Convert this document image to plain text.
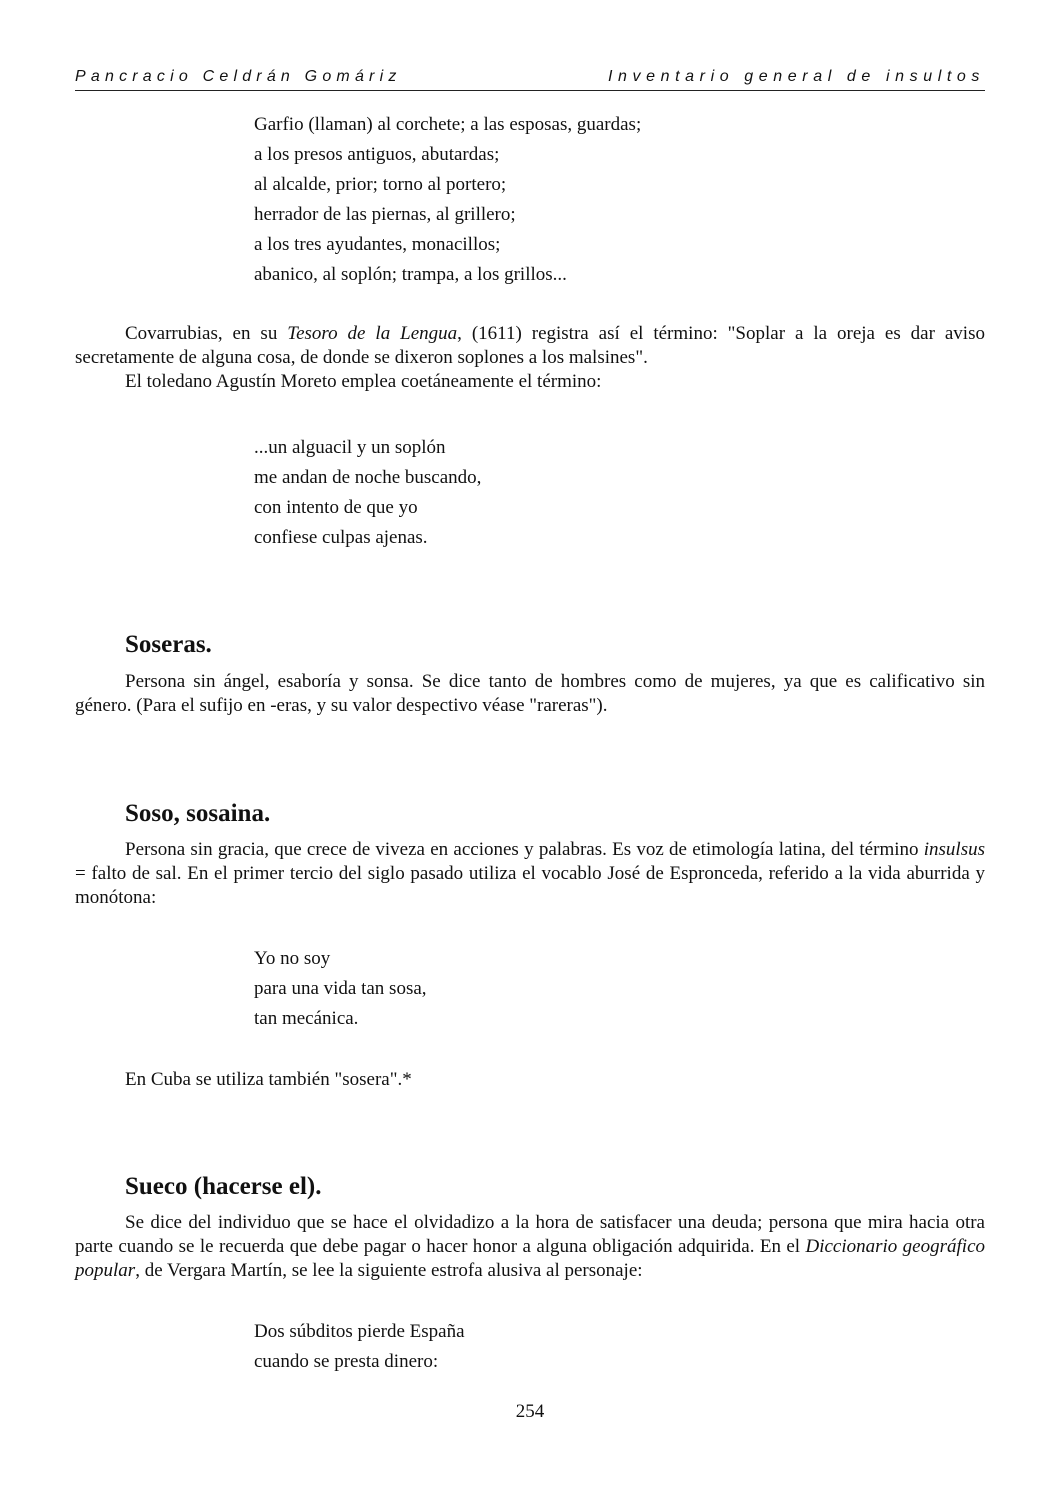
Pancracio Celdrán Gomáriz	Inventario general de insultos
Garfio (llaman) al corchete; a las esposas, guardas;
a los presos antiguos, abutardas;
al alcalde, prior; torno al portero;
herrador de las piernas, al grillero;
a los tres ayudantes, monacillos;
abanico, al soplón; trampa, a los grillos...

Covarrubias, en su Tesoro de la Lengua, (1611) registra así el término: "Soplar a la oreja es dar aviso secretamente de alguna cosa, de donde se dixeron soplones a los malsines".

El toledano Agustín Moreto emplea coetáneamente el término:

...un alguacil y un soplón
me andan de noche buscando,
con intento de que yo
confiese culpas ajenas.
Soseras.

Persona sin ángel, esaboría y sonsa. Se dice tanto de hombres como de mujeres, ya que es calificativo sin género. (Para el sufijo en -eras, y su valor despectivo véase "rareras").

Soso, sosaina.

Persona sin gracia, que crece de viveza en acciones y palabras. Es voz de etimología latina, del término insulsus = falto de sal. En el primer tercio del siglo pasado utiliza el vocablo José de Espronceda, referido a la vida aburrida y monótona:

Yo no soy
para una vida tan sosa,
tan mecánica.

En Cuba se utiliza también "sosera".*

Sueco (hacerse el).

Se dice del individuo que se hace el olvidadizo a la hora de satisfacer una deuda; persona que mira hacia otra parte cuando se le recuerda que debe pagar o hacer honor a alguna obligación adquirida. En el Diccionario geográfico popular, de Vergara Martín, se lee la siguiente estrofa alusiva al personaje:

Dos súbditos pierde España
cuando se presta dinero:
254
